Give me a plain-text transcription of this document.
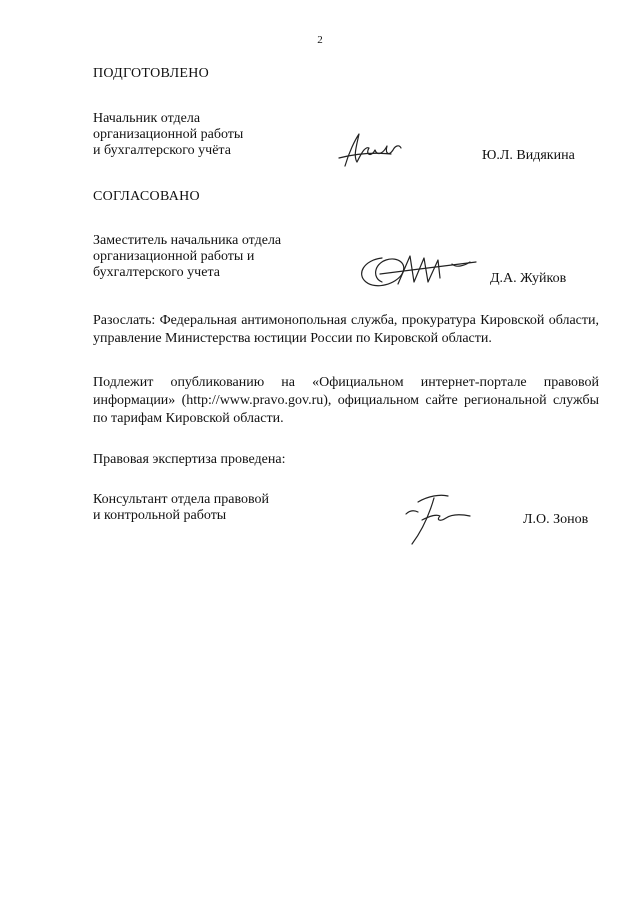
2
ПОДГОТОВЛЕНО
Начальник отдела
организационной работы
и бухгалтерского учёта	Ю.Л. Видякина
СОГЛАСОВАНО
Заместитель начальника отдела
организационной работы и
бухгалтерского учета	Д.А. Жуйков

Разослать: Федеральная антимонопольная служба, прокуратура Кировской области, управление Министерства юстиции России по Кировской области.

Подлежит опубликованию на «Официальном интернет-портале правовой информации» (http://www.pravo.gov.ru), официальном сайте региональной службы по тарифам Кировской области.

Правовая экспертиза проведена:
Консультант отдела правовой
и контрольной работы	Л.О. Зонов
